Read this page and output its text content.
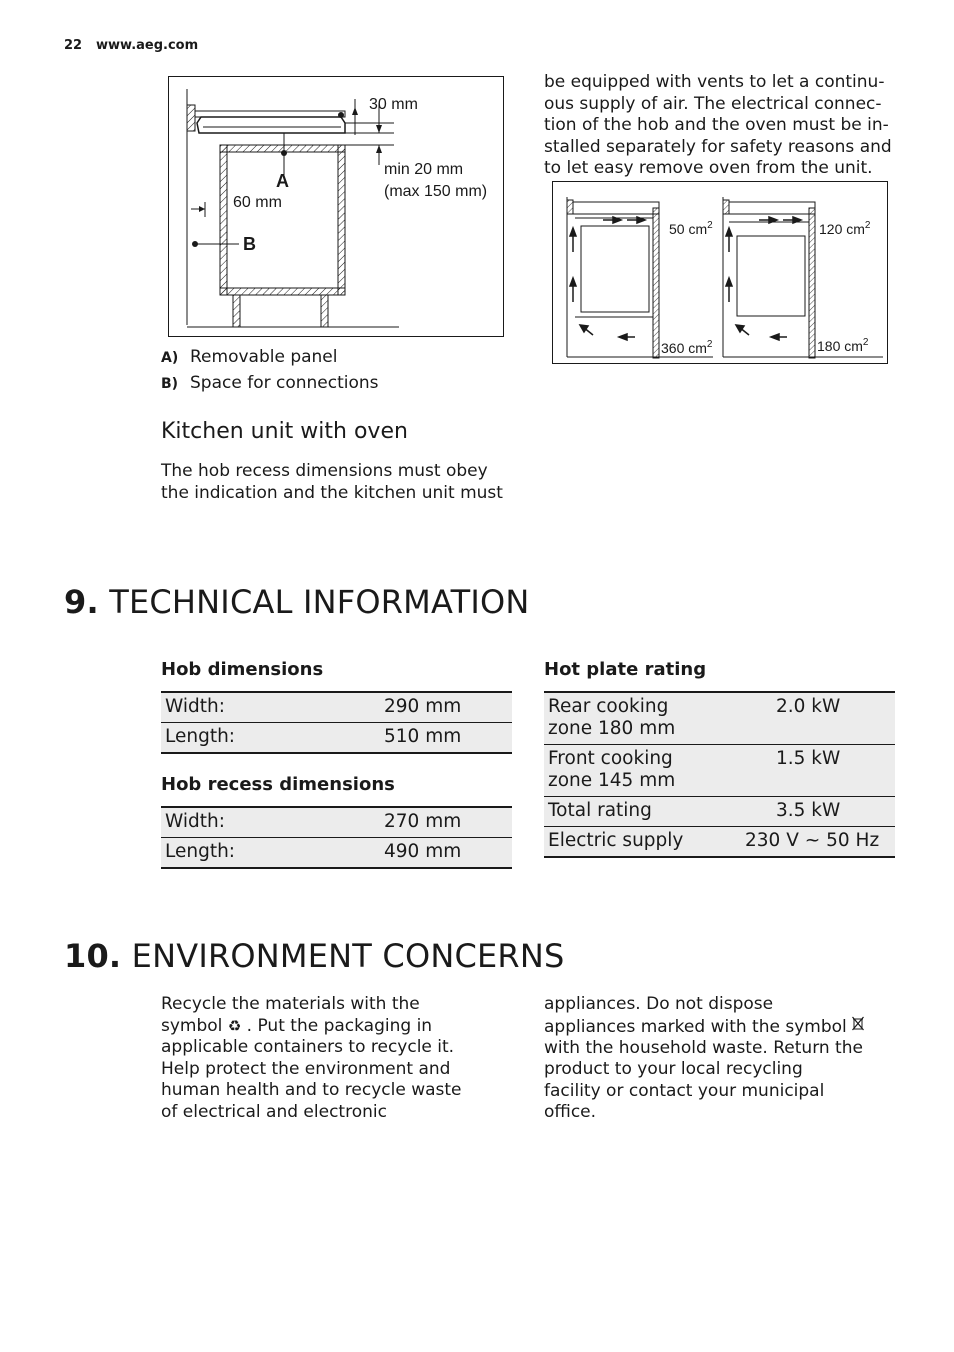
22 www.aeg.com
30 mm
min 20 mm
(max 150 mm)
60 mm
A
B
A) Removable panel
B) Space for connections
Kitchen unit with oven
The hob recess dimensions must obey
the indication and the kitchen unit must
be equipped with vents to let a continu-
ous supply of air. The electrical connec-
tion of the hob and the oven must be in-
stalled separately for safety reasons and
to let easy remove oven from the unit.
50 $cm^2$	120 $cm^2$
360 $cm^2$	180 $cm^2$
9. TECHNICAL INFORMATION
Hob dimensions
Width:	290 mm
Length:	510 mm
Hob recess dimensions
Width:	270 mm
Length:	490 mm
Hot plate rating
Rear cooking
zone 180 mm	2.0 kW

Front cooking
zone 145 mm	1.5 kW
Total rating	3.5 kW
Electric supply	230 V ~ 50 Hz
10. ENVIRONMENT CONCERNS
Recycle the materials with the
symbol ♻ . Put the packaging in
applicable containers to recycle it.
Help protect the environment and
human health and to recycle waste
of electrical and electronic
appliances. Do not dispose
appliances marked with the symbol
with the household waste. Return the
product to your local recycling
facility or contact your municipal
office.
